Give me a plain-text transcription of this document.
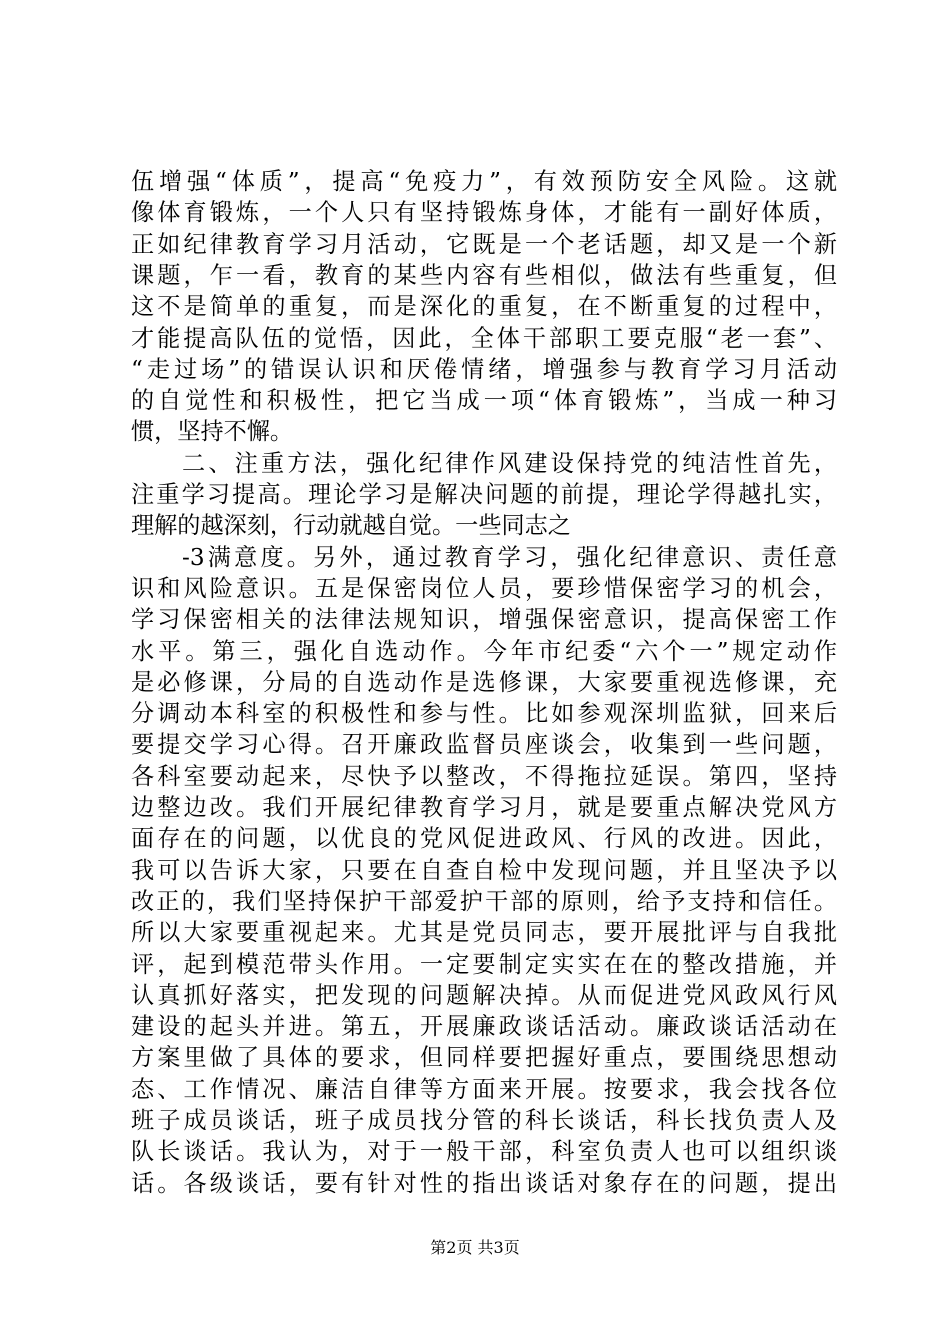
第2页 共3页
伍增强“体质”，提高“免疫力”，有效预防安全风险。这就
像体育锻炼，一个人只有坚持锻炼身体，才能有一副好体质，
正如纪律教育学习月活动，它既是一个老话题，却又是一个新
课题，乍一看，教育的某些内容有些相似，做法有些重复，但
这不是简单的重复，而是深化的重复，在不断重复的过程中，
才能提高队伍的觉悟，因此，全体干部职工要克服“老一套”、
“走过场”的错误认识和厌倦情绪，增强参与教育学习月活动
的自觉性和积极性，把它当成一项“体育锻炼”，当成一种习
惯，坚持不懈。
二、注重方法，强化纪律作风建设保持党的纯洁性首先，
注重学习提高。理论学习是解决问题的前提，理论学得越扎实，
理解的越深刻，行动就越自觉。一些同志之
-3满意度。另外，通过教育学习，强化纪律意识、责任意
识和风险意识。五是保密岗位人员，要珍惜保密学习的机会，
学习保密相关的法律法规知识，增强保密意识，提高保密工作
水平。第三，强化自选动作。今年市纪委“六个一”规定动作
是必修课，分局的自选动作是选修课，大家要重视选修课，充
分调动本科室的积极性和参与性。比如参观深圳监狱，回来后
要提交学习心得。召开廉政监督员座谈会，收集到一些问题，
各科室要动起来，尽快予以整改，不得拖拉延误。第四，坚持
边整边改。我们开展纪律教育学习月，就是要重点解决党风方
面存在的问题，以优良的党风促进政风、行风的改进。因此，
我可以告诉大家，只要在自查自检中发现问题，并且坚决予以
改正的，我们坚持保护干部爱护干部的原则，给予支持和信任。
所以大家要重视起来。尤其是党员同志，要开展批评与自我批
评，起到模范带头作用。一定要制定实实在在的整改措施，并
认真抓好落实，把发现的问题解决掉。从而促进党风政风行风
建设的起头并进。第五，开展廉政谈话活动。廉政谈话活动在
方案里做了具体的要求，但同样要把握好重点，要围绕思想动
态、工作情况、廉洁自律等方面来开展。按要求，我会找各位
班子成员谈话，班子成员找分管的科长谈话，科长找负责人及
队长谈话。我认为，对于一般干部，科室负责人也可以组织谈
话。各级谈话，要有针对性的指出谈话对象存在的问题，提出
